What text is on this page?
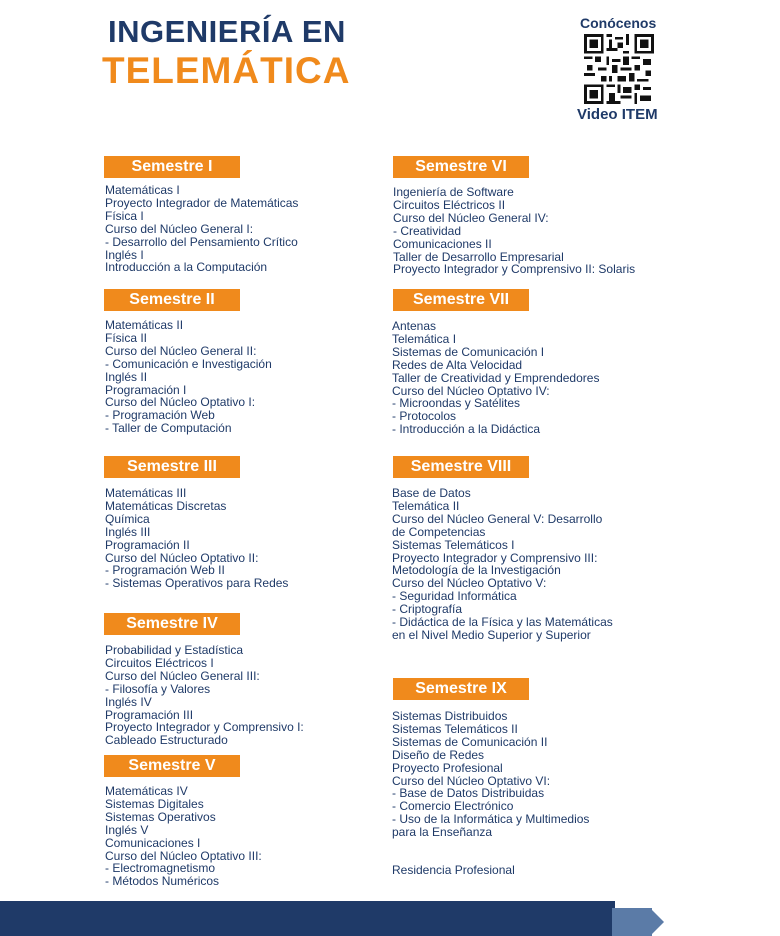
INGENIERÍA EN
TELEMÁTICA
Conócenos
Video ITEM
Semestre I
Matemáticas I
Proyecto Integrador de Matemáticas
Física I
Curso del Núcleo General I:
- Desarrollo del Pensamiento Crítico
Inglés I
Introducción a la Computación
Semestre II
Matemáticas II
Física II
Curso del Núcleo General II:
- Comunicación e Investigación
Inglés II
Programación I
Curso del Núcleo Optativo I:
- Programación Web
- Taller de Computación
Semestre III
Matemáticas III
Matemáticas Discretas
Química
Inglés III
Programación II
Curso del Núcleo Optativo II:
- Programación Web II
- Sistemas Operativos para Redes
Semestre IV
Probabilidad y Estadística
Circuitos Eléctricos I
Curso del Núcleo General III:
- Filosofía y Valores
Inglés IV
Programación III
Proyecto Integrador y Comprensivo I:
Cableado Estructurado
Semestre V
Matemáticas IV
Sistemas Digitales
Sistemas Operativos
Inglés V
Comunicaciones I
Curso del Núcleo Optativo III:
- Electromagnetismo
- Métodos Numéricos
Semestre VI
Ingeniería de Software
Circuitos Eléctricos II
Curso del Núcleo General IV:
- Creatividad
Comunicaciones II
Taller de Desarrollo Empresarial
Proyecto Integrador y Comprensivo II: Solaris
Semestre VII
Antenas
Telemática I
Sistemas de Comunicación I
Redes de Alta Velocidad
Taller de Creatividad y Emprendedores
Curso del Núcleo Optativo IV:
- Microondas y Satélites
- Protocolos
- Introducción a la Didáctica
Semestre VIII
Base de Datos
Telemática II
Curso del Núcleo General V: Desarrollo
de Competencias
Sistemas Telemáticos I
Proyecto Integrador y Comprensivo III:
Metodología de la Investigación
Curso del Núcleo Optativo V:
- Seguridad Informática
- Criptografía
- Didáctica de la Física y las Matemáticas
en el Nivel Medio Superior y Superior
Semestre IX
Sistemas Distribuidos
Sistemas Telemáticos II
Sistemas de Comunicación II
Diseño de Redes
Proyecto Profesional
Curso del Núcleo Optativo VI:
- Base de Datos Distribuidas
- Comercio Electrónico
- Uso de la Informática y Multimedios
para la Enseñanza
Residencia Profesional
